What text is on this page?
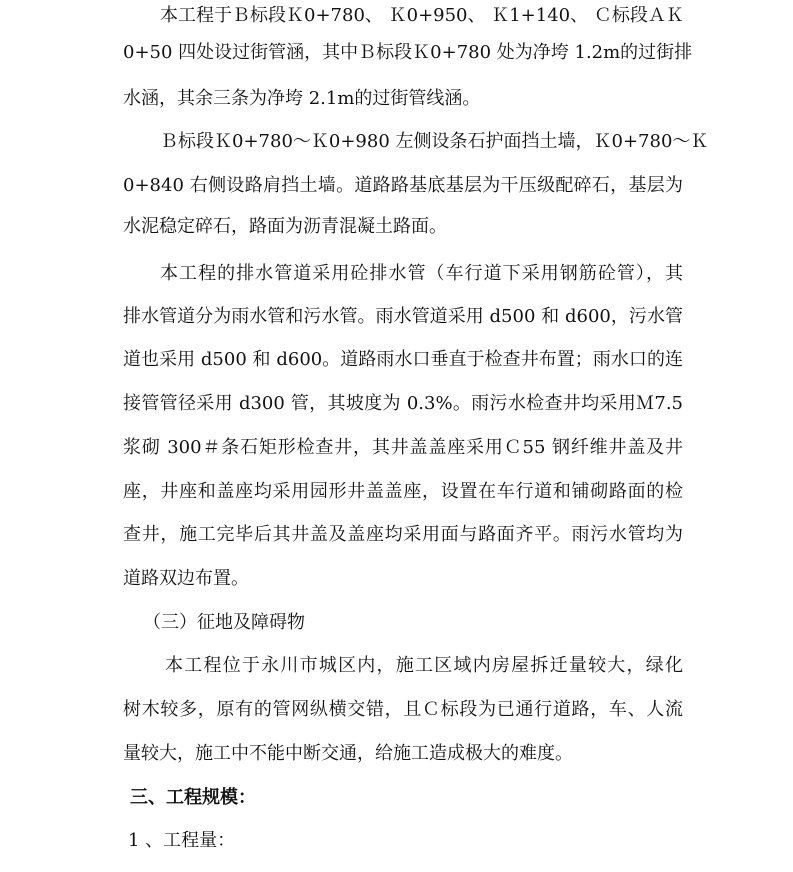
本工程于Ｂ标段Ｋ0+780、 Ｋ0+950、 Ｋ1+140、 Ｃ标段ＡＫ
0+50 四处设过街管涵，其中Ｂ标段Ｋ0+780 处为净垮 1.2m的过街排
水涵，其余三条为净垮 2.1m的过街管线涵。
Ｂ标段Ｋ0+780～Ｋ0+980 左侧设条石护面挡土墙，Ｋ0+780～Ｋ
0+840 右侧设路肩挡土墙。道路路基底基层为干压级配碎石，基层为
水泥稳定碎石，路面为沥青混凝土路面。
本工程的排水管道采用砼排水管（车行道下采用钢筋砼管），其
排水管道分为雨水管和污水管。雨水管道采用 d500 和 d600，污水管
道也采用 d500 和 d600。道路雨水口垂直于检查井布置；雨水口的连
接管管径采用 d300 管，其坡度为 0.3%。雨污水检查井均采用Ｍ7.5
浆砌 300＃条石矩形检查井，其井盖盖座采用Ｃ55 钢纤维井盖及井
座，井座和盖座均采用园形井盖盖座，设置在车行道和铺砌路面的检
查井，施工完毕后其井盖及盖座均采用面与路面齐平。雨污水管均为
道路双边布置。
（三）征地及障碍物
本工程位于永川市城区内，施工区域内房屋拆迁量较大，绿化
树木较多，原有的管网纵横交错，且Ｃ标段为已通行道路，车、人流
量较大，施工中不能中断交通，给施工造成极大的难度。
三、工程规模：
1 、工程量：
